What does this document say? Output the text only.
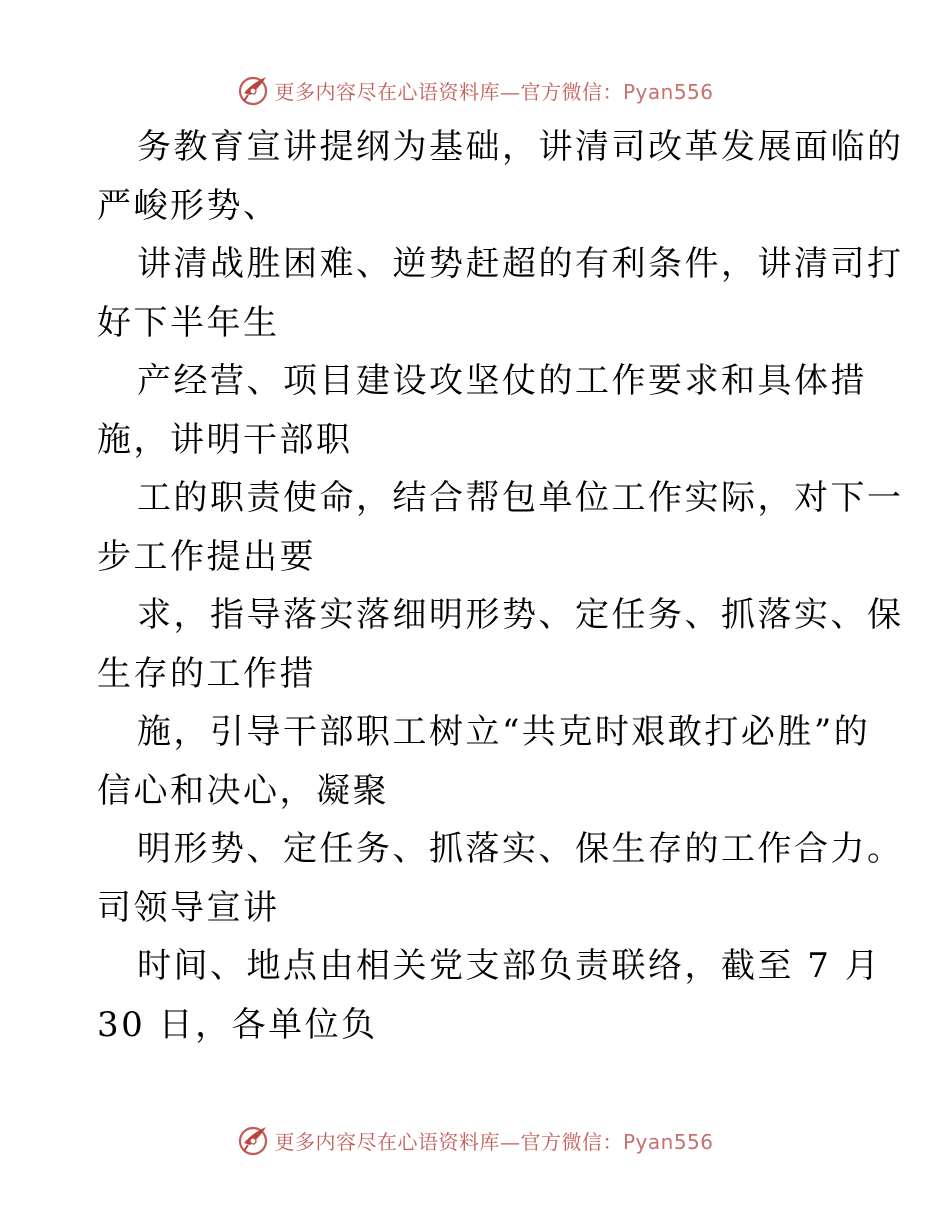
更多内容尽在心语资料库—官方微信：Pyan556
务教育宣讲提纲为基础，讲清司改革发展面临的
严峻形势、
讲清战胜困难、逆势赶超的有利条件，讲清司打
好下半年生
产经营、项目建设攻坚仗的工作要求和具体措
施，讲明干部职
工的职责使命，结合帮包单位工作实际，对下一
步工作提出要
求，指导落实落细明形势、定任务、抓落实、保
生存的工作措
施，引导干部职工树立“共克时艰敢打必胜”的
信心和决心，凝聚
明形势、定任务、抓落实、保生存的工作合力。
司领导宣讲
时间、地点由相关党支部负责联络，截至 7 月
30 日，各单位负
更多内容尽在心语资料库—官方微信：Pyan556
